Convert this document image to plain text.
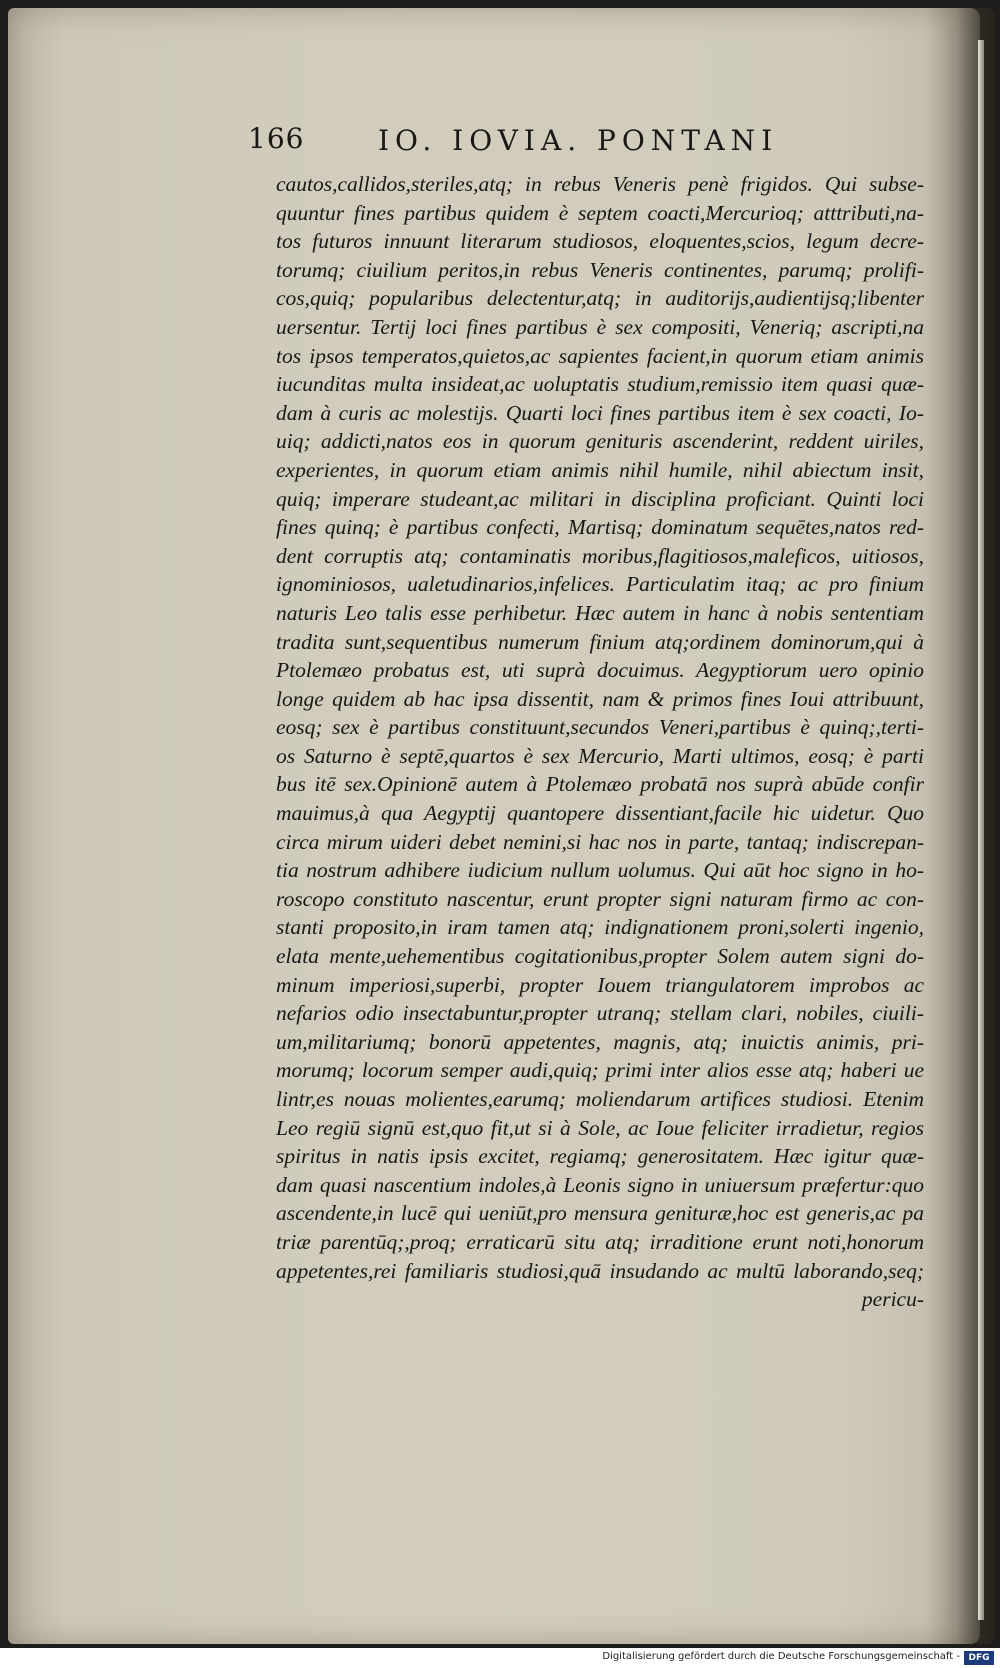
166	IO. IOVIA. PONTANI
cautos,callidos,steriles,atq; in rebus Veneris penè frigidos. Qui subse-
quuntur fines partibus quidem è septem coacti,Mercurioq; atttributi,na-
tos futuros innuunt literarum studiosos, eloquentes,scios, legum decre-
torumq; ciuilium peritos,in rebus Veneris continentes, parumq; prolifi-
cos,quiq; popularibus delectentur,atq; in auditorijs,audientijsq;libenter
uersentur. Tertij loci fines partibus è sex compositi, Veneriq; ascripti,na
tos ipsos temperatos,quietos,ac sapientes facient,in quorum etiam animis
iucunditas multa insideat,ac uoluptatis studium,remissio item quasi quæ-
dam à curis ac molestijs. Quarti loci fines partibus item è sex coacti, Io-
uiq; addicti,natos eos in quorum genituris ascenderint, reddent uiriles,
experientes, in quorum etiam animis nihil humile, nihil abiectum insit,
quiq; imperare studeant,ac militari in disciplina proficiant. Quinti loci
fines quinq; è partibus confecti, Martisq; dominatum sequētes,natos red-
dent corruptis atq; contaminatis moribus,flagitiosos,maleficos, uitiosos,
ignominiosos, ualetudinarios,infelices. Particulatim itaq; ac pro finium
naturis Leo talis esse perhibetur. Hæc autem in hanc à nobis sententiam
tradita sunt,sequentibus numerum finium atq;ordinem dominorum,qui à
Ptolemæo probatus est, uti suprà docuimus. Aegyptiorum uero opinio
longe quidem ab hac ipsa dissentit, nam & primos fines Ioui attribuunt,
eosq; sex è partibus constituunt,secundos Veneri,partibus è quinq;,terti-
os Saturno è septē,quartos è sex Mercurio, Marti ultimos, eosq; è parti
bus itē sex.Opinionē autem à Ptolemæo probatā nos suprà abūde confir
mauimus,à qua Aegyptij quantopere dissentiant,facile hic uidetur. Quo
circa mirum uideri debet nemini,si hac nos in parte, tantaq; indiscrepan-
tia nostrum adhibere iudicium nullum uolumus. Qui aūt hoc signo in ho-
roscopo constituto nascentur, erunt propter signi naturam firmo ac con-
stanti proposito,in iram tamen atq; indignationem proni,solerti ingenio,
elata mente,uehementibus cogitationibus,propter Solem autem signi do-
minum imperiosi,superbi, propter Iouem triangulatorem improbos ac
nefarios odio insectabuntur,propter utranq; stellam clari, nobiles, ciuili-
um,militariumq; bonorū appetentes, magnis, atq; inuictis animis, pri-
morumq; locorum semper audi,quiq; primi inter alios esse atq; haberi ue
lintr,es nouas molientes,earumq; moliendarum artifices studiosi. Etenim
Leo regiū signū est,quo fit,ut si à Sole, ac Ioue feliciter irradietur, regios
spiritus in natis ipsis excitet, regiamq; generositatem. Hæc igitur quæ-
dam quasi nascentium indoles,à Leonis signo in uniuersum præfertur:quo
ascendente,in lucē qui ueniūt,pro mensura genituræ,hoc est generis,ac pa
triæ parentūq;,proq; erraticarū situ atq; irraditione erunt noti,honorum
appetentes,rei familiaris studiosi,quā insudando ac multū laborando,seq;
pericu-
Digitalisierung gefördert durch die Deutsche Forschungsgemeinschaft - DFG
